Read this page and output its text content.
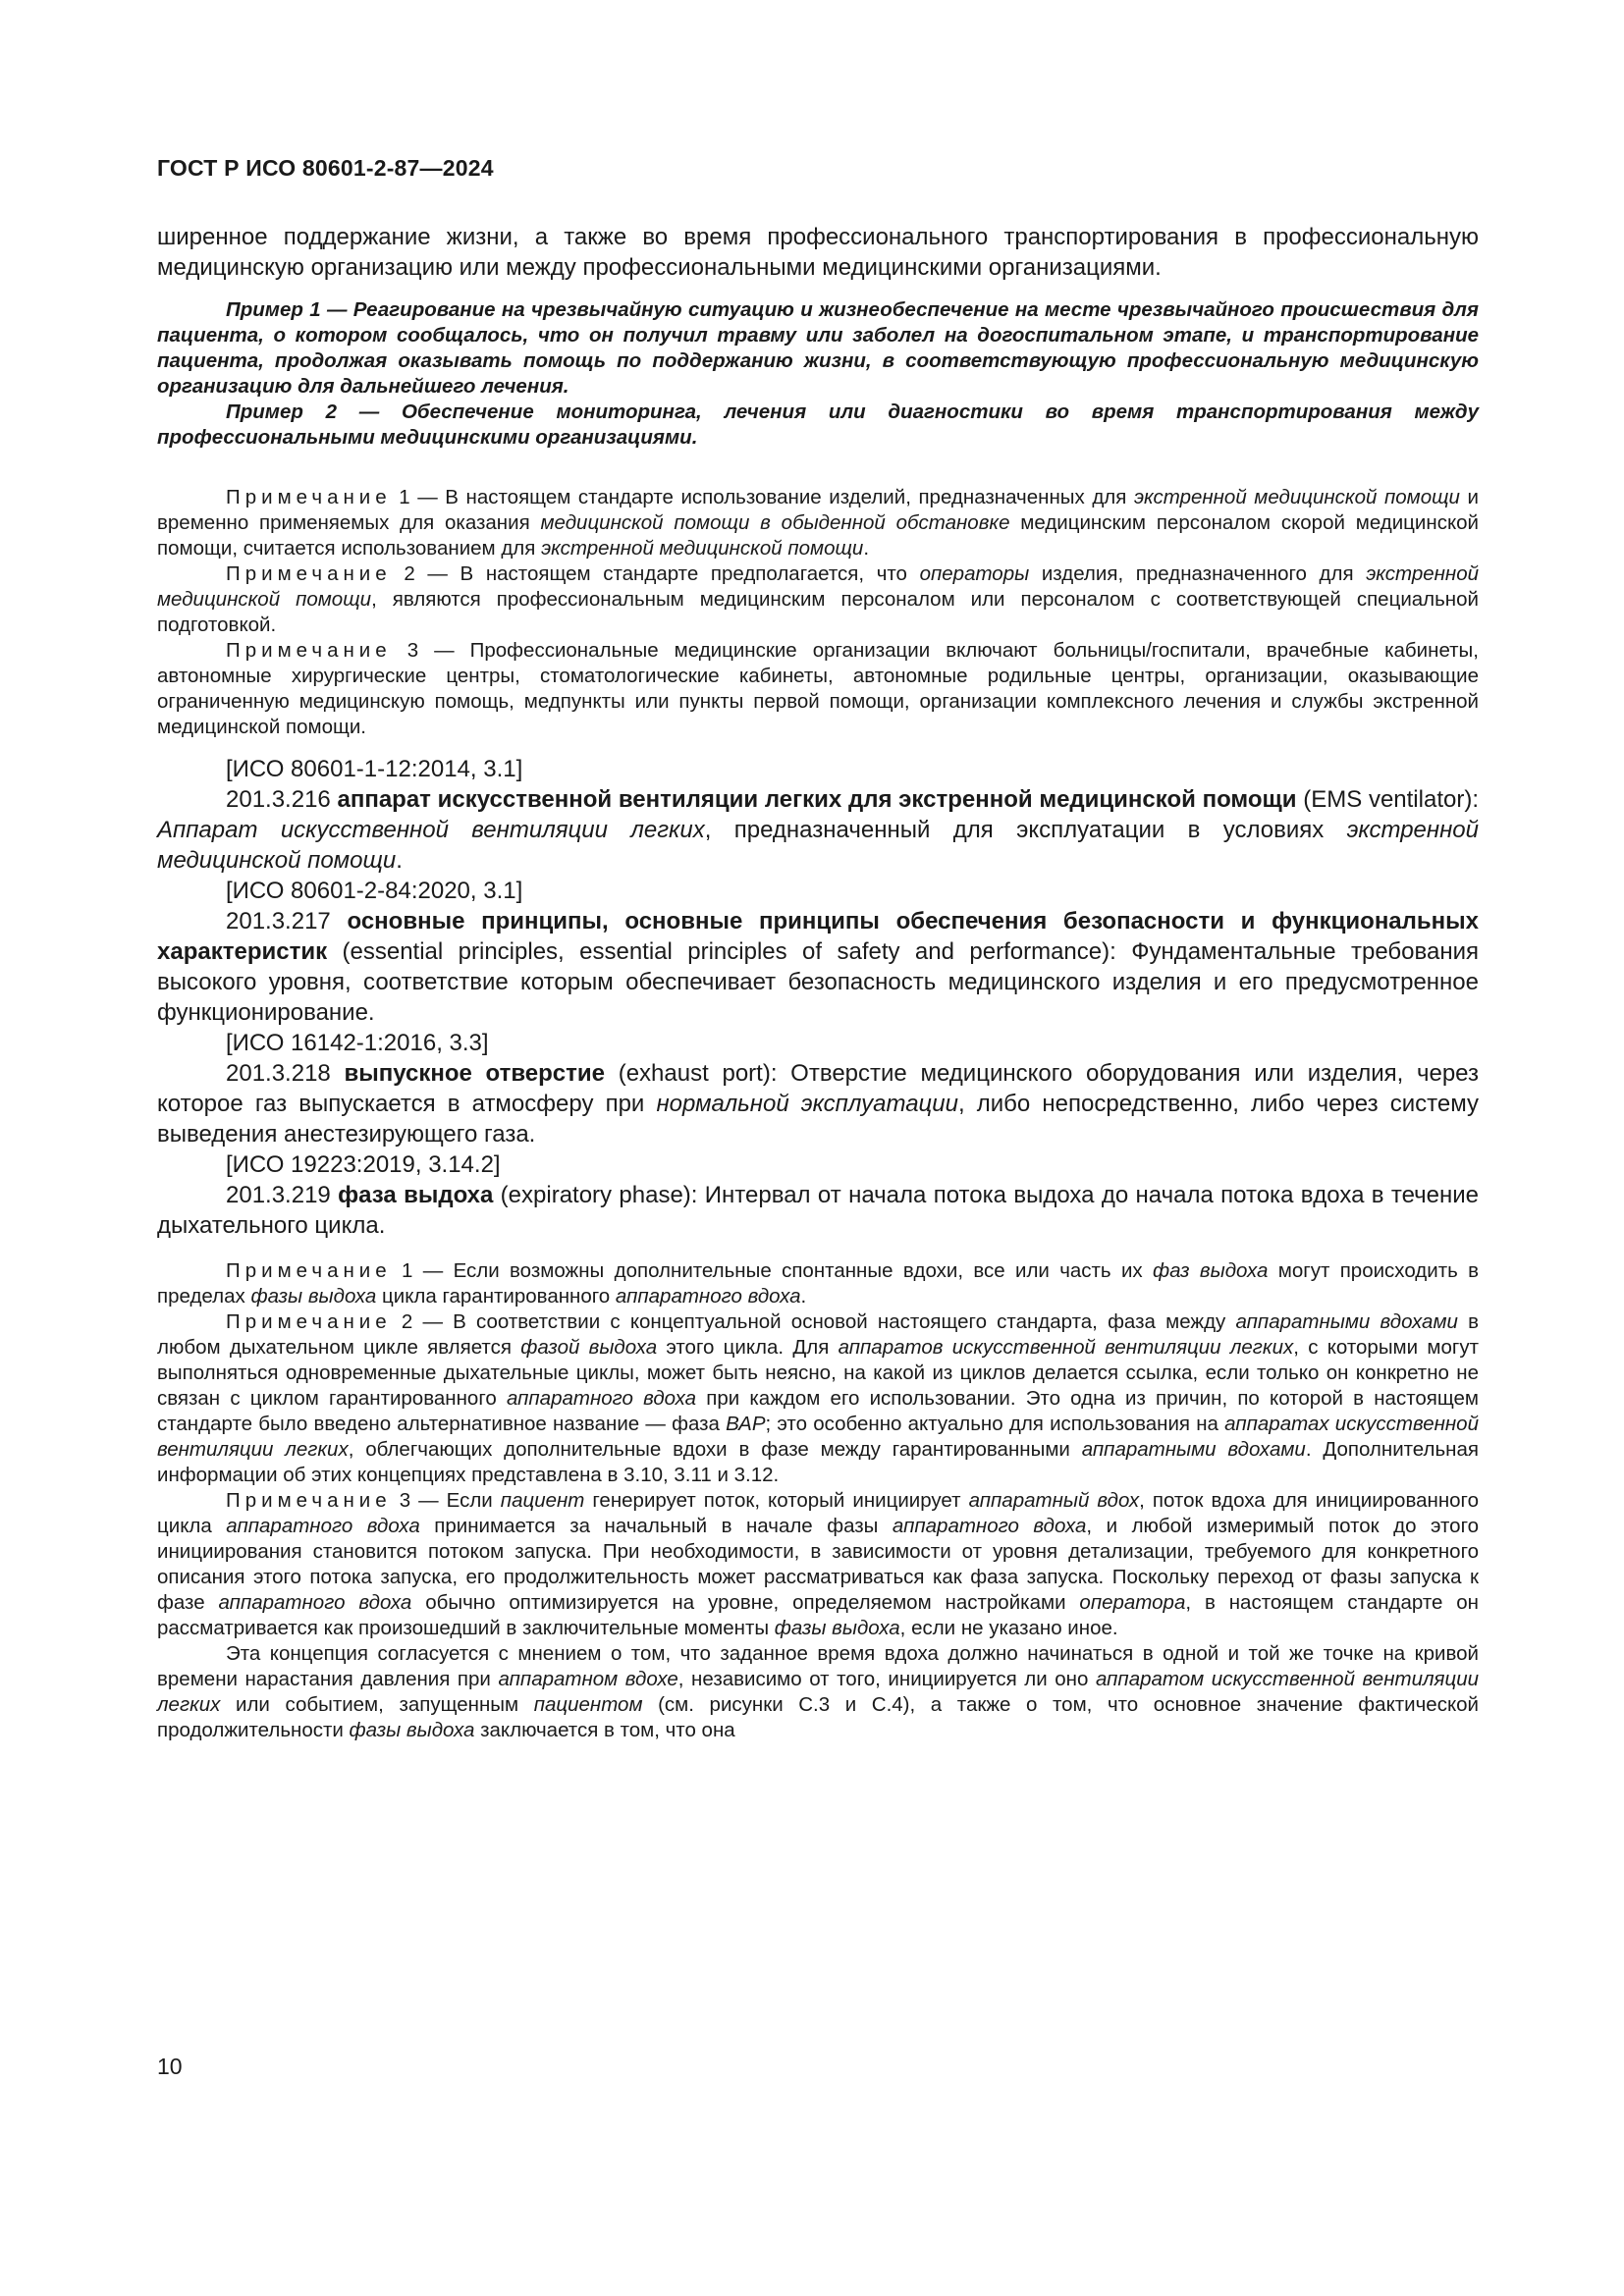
ГОСТ Р ИСО 80601-2-87—2024

ширенное поддержание жизни, а также во время профессионального транспортирования в профессиональную медицинскую организацию или между профессиональными медицинскими организациями.

Пример 1 — Реагирование на чрезвычайную ситуацию и жизнеобеспечение на месте чрезвычайного происшествия для пациента, о котором сообщалось, что он получил травму или заболел на догоспитальном этапе, и транспортирование пациента, продолжая оказывать помощь по поддержанию жизни, в соответствующую профессиональную медицинскую организацию для дальнейшего лечения.

Пример 2 — Обеспечение мониторинга, лечения или диагностики во время транспортирования между профессиональными медицинскими организациями.

Примечание 1 — В настоящем стандарте использование изделий, предназначенных для экстренной медицинской помощи и временно применяемых для оказания медицинской помощи в обыденной обстановке медицинским персоналом скорой медицинской помощи, считается использованием для экстренной медицинской помощи.

Примечание 2 — В настоящем стандарте предполагается, что операторы изделия, предназначенного для экстренной медицинской помощи, являются профессиональным медицинским персоналом или персоналом с соответствующей специальной подготовкой.

Примечание 3 — Профессиональные медицинские организации включают больницы/госпитали, врачебные кабинеты, автономные хирургические центры, стоматологические кабинеты, автономные родильные центры, организации, оказывающие ограниченную медицинскую помощь, медпункты или пункты первой помощи, организации комплексного лечения и службы экстренной медицинской помощи.

[ИСО 80601-1-12:2014, 3.1]

201.3.216 аппарат искусственной вентиляции легких для экстренной медицинской помощи (EMS ventilator): Аппарат искусственной вентиляции легких, предназначенный для эксплуатации в условиях экстренной медицинской помощи.

[ИСО 80601-2-84:2020, 3.1]

201.3.217 основные принципы, основные принципы обеспечения безопасности и функциональных характеристик (essential principles, essential principles of safety and performance): Фундаментальные требования высокого уровня, соответствие которым обеспечивает безопасность медицинского изделия и его предусмотренное функционирование.

[ИСО 16142-1:2016, 3.3]

201.3.218 выпускное отверстие (exhaust port): Отверстие медицинского оборудования или изделия, через которое газ выпускается в атмосферу при нормальной эксплуатации, либо непосредственно, либо через систему выведения анестезирующего газа.

[ИСО 19223:2019, 3.14.2]

201.3.219 фаза выдоха (expiratory phase): Интервал от начала потока выдоха до начала потока вдоха в течение дыхательного цикла.

Примечание 1 — Если возможны дополнительные спонтанные вдохи, все или часть их фаз выдоха могут происходить в пределах фазы выдоха цикла гарантированного аппаратного вдоха.

Примечание 2 — В соответствии с концептуальной основой настоящего стандарта, фаза между аппаратными вдохами в любом дыхательном цикле является фазой выдоха этого цикла. Для аппаратов искусственной вентиляции легких, с которыми могут выполняться одновременные дыхательные циклы, может быть неясно, на какой из циклов делается ссылка, если только он конкретно не связан с циклом гарантированного аппаратного вдоха при каждом его использовании. Это одна из причин, по которой в настоящем стандарте было введено альтернативное название — фаза ВАР; это особенно актуально для использования на аппаратах искусственной вентиляции легких, облегчающих дополнительные вдохи в фазе между гарантированными аппаратными вдохами. Дополнительная информации об этих концепциях представлена в 3.10, 3.11 и 3.12.

Примечание 3 — Если пациент генерирует поток, который инициирует аппаратный вдох, поток вдоха для инициированного цикла аппаратного вдоха принимается за начальный в начале фазы аппаратного вдоха, и любой измеримый поток до этого инициирования становится потоком запуска. При необходимости, в зависимости от уровня детализации, требуемого для конкретного описания этого потока запуска, его продолжительность может рассматриваться как фаза запуска. Поскольку переход от фазы запуска к фазе аппаратного вдоха обычно оптимизируется на уровне, определяемом настройками оператора, в настоящем стандарте он рассматривается как произошедший в заключительные моменты фазы выдоха, если не указано иное.

Эта концепция согласуется с мнением о том, что заданное время вдоха должно начинаться в одной и той же точке на кривой времени нарастания давления при аппаратном вдохе, независимо от того, инициируется ли оно аппаратом искусственной вентиляции легких или событием, запущенным пациентом (см. рисунки С.3 и С.4), а также о том, что основное значение фактической продолжительности фазы выдоха заключается в том, что она

10
